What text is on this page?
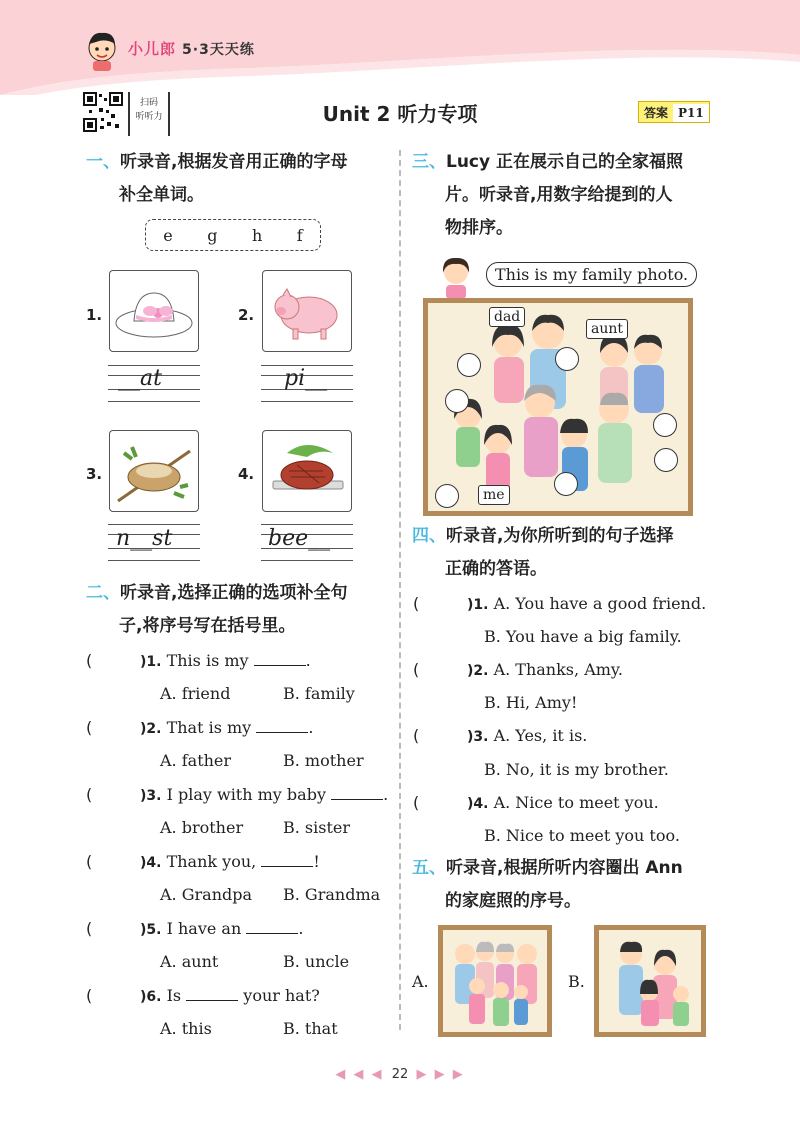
小儿郎 5·3天天练
扫码
听听力	Unit 2 听力专项	答案 P11
一、听录音,根据发音用正确的字母
补全单词。
e g h f
1.	2.
__at	pi__
3.	4.
n__st	bee__
二、听录音,选择正确的选项补全句
子,将序号写在括号里。
(	)1. This is my	.
A. friend	B. family
(	)2. That is my	.
A. father	B. mother
(	)3. I play with my baby	.
A. brother B. sister
(	)4. Thank you,	!
A. Grandpa B. Grandma
(	)5. I have an	.
A. aunt	B. uncle
(	)6. Is	your hat?
A. this	B. that
三、Lucy 正在展示自己的全家福照
片。听录音,用数字给提到的人
物排序。
This is my family photo.
dad
aunt
me
四、听录音,为你所听到的句子选择
正确的答语。
(	)1. A. You have a good friend.
B. You have a big family.
(	)2. A. Thanks, Amy.
B. Hi, Amy!
(	)3. A. Yes, it is.
B. No, it is my brother.
(	)4. A. Nice to meet you.
B. Nice to meet you too.
五、听录音,根据所听内容圈出 Ann
的家庭照的序号。
A.	B.
◀ ◀ ◀ 22 ▶ ▶ ▶
